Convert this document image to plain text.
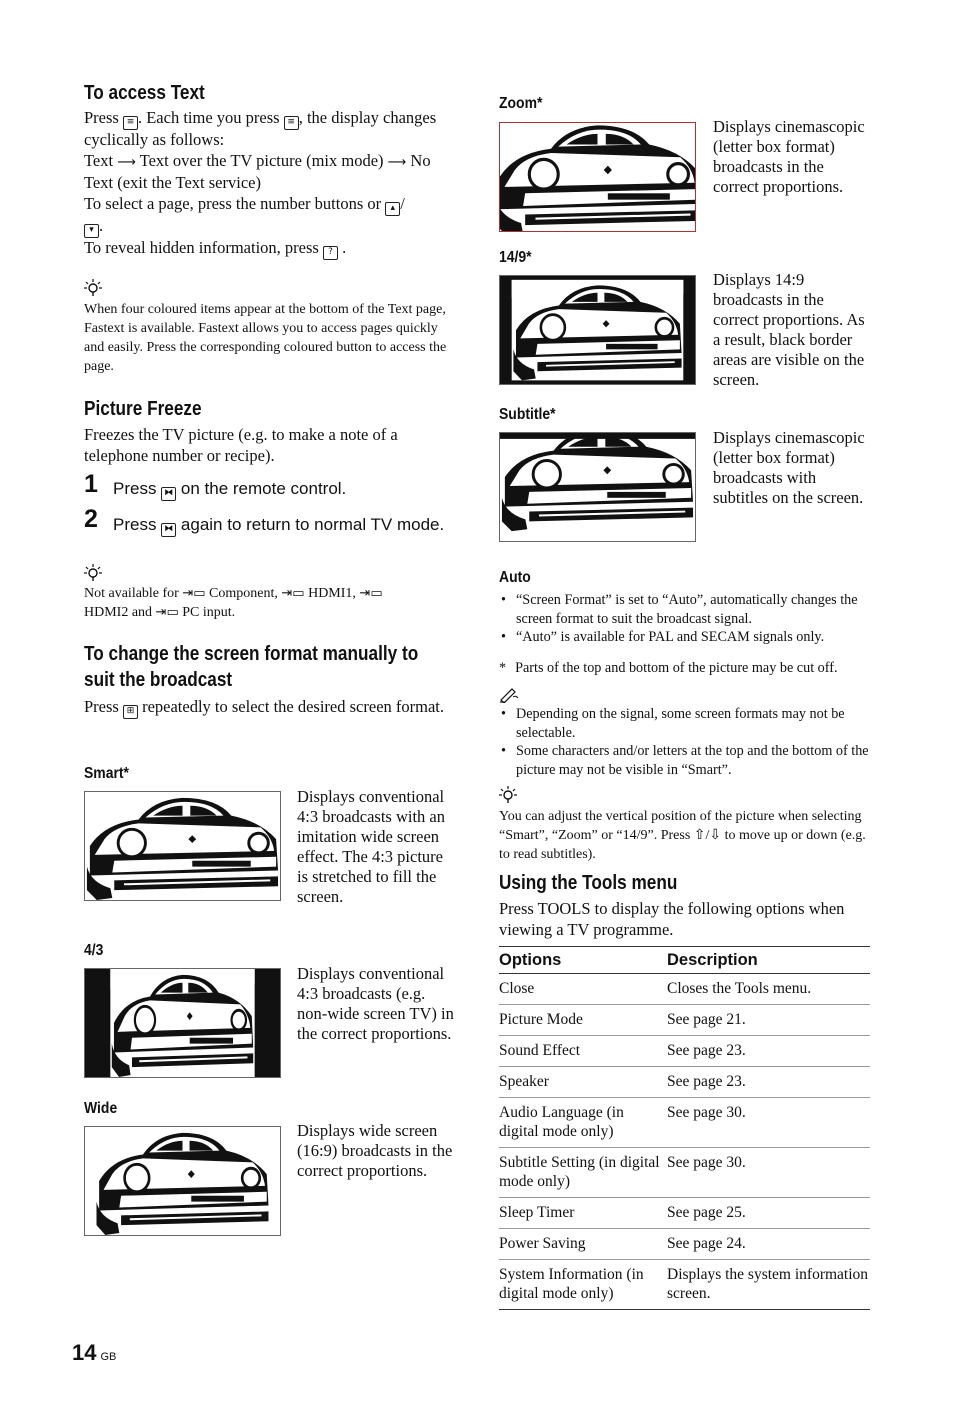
To access Text
Press ≡ . Each time you press ≡ , the display changes cyclically as follows:
Text ⟶ Text over the TV picture (mix mode) ⟶ No Text (exit the Text service)
To select a page, press the number buttons or ▴ /
▾ .
To reveal hidden information, press ? .
When four coloured items appear at the bottom of the Text page, Fastext is available. Fastext allows you to access pages quickly and easily. Press the corresponding coloured button to access the page.
Picture Freeze
Freezes the TV picture (e.g. to make a note of a telephone number or recipe).
1 Press ⧓ on the remote control.
2 Press ⧓ again to return to normal TV mode.
Not available for ⇥▭ Component, ⇥▭ HDMI1, ⇥▭
HDMI2 and ⇥▭ PC input.
To change the screen format manually to
suit the broadcast
Press ⊞ repeatedly to select the desired screen format.
Smart*
Displays conventional 4:3 broadcasts with an imitation wide screen effect. The 4:3 picture is stretched to fill the screen.
4/3
Displays conventional 4:3 broadcasts (e.g. non-wide screen TV) in the correct proportions.
Wide
Displays wide screen (16:9) broadcasts in the correct proportions.
14 GB
Zoom*
Displays cinemascopic (letter box format) broadcasts in the correct proportions.
14/9*
Displays 14:9 broadcasts in the correct proportions. As a result, black border areas are visible on the screen.
Subtitle*
Displays cinemascopic (letter box format) broadcasts with subtitles on the screen.
Auto
• “Screen Format” is set to “Auto”, automatically changes the screen format to suit the broadcast signal.
• “Auto” is available for PAL and SECAM signals only.
* Parts of the top and bottom of the picture may be cut off.
• Depending on the signal, some screen formats may not be selectable.
• Some characters and/or letters at the top and the bottom of the picture may not be visible in “Smart”.
You can adjust the vertical position of the picture when selecting “Smart”, “Zoom” or “14/9”. Press ⇧/⇩ to move up or down (e.g. to read subtitles).
Using the Tools menu
Press TOOLS to display the following options when viewing a TV programme.
Options	Description
Close	Closes the Tools menu.
Picture Mode	See page 21.
Sound Effect	See page 23.
Speaker	See page 23.
Audio Language (in digital mode only)	See page 30.
Subtitle Setting (in digital mode only)	See page 30.
Sleep Timer	See page 25.
Power Saving	See page 24.
System Information (in digital mode only)	Displays the system information screen.
